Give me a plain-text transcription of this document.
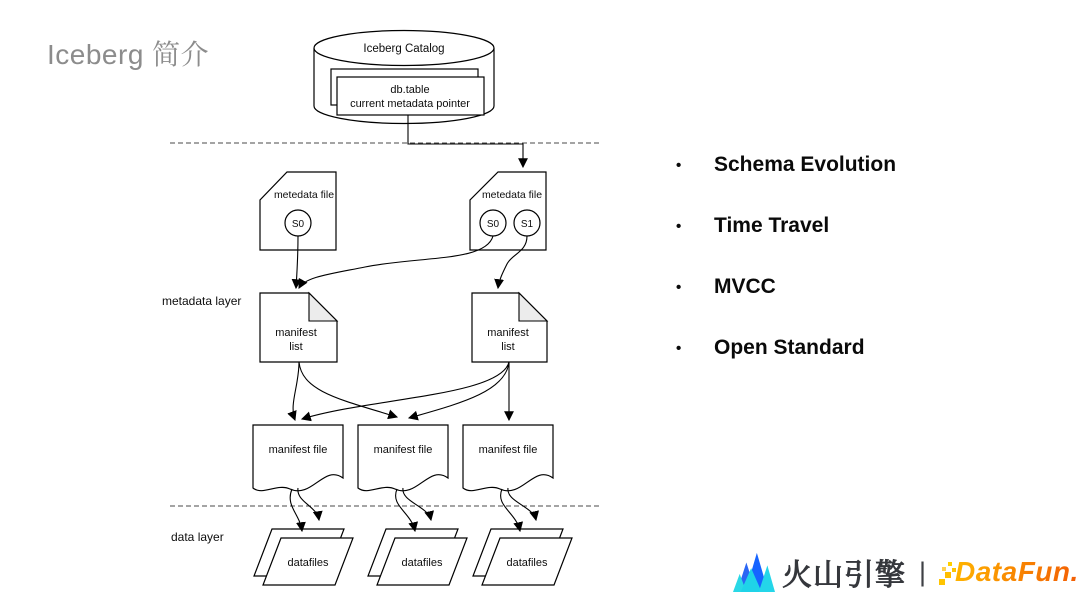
Iceberg 简介	Iceberg Catalog
db.table
current metadata pointer
metedata file
S0
metedata file
S0 S1
manifest
list
manifest
list
manifest file	manifest file	manifest file
datafiles	datafiles	datafiles
metadata layer
data layer
•	Schema Evolution
•	Time Travel
•	MVCC
•	Open Standard
火山引擎 | DataFun.
